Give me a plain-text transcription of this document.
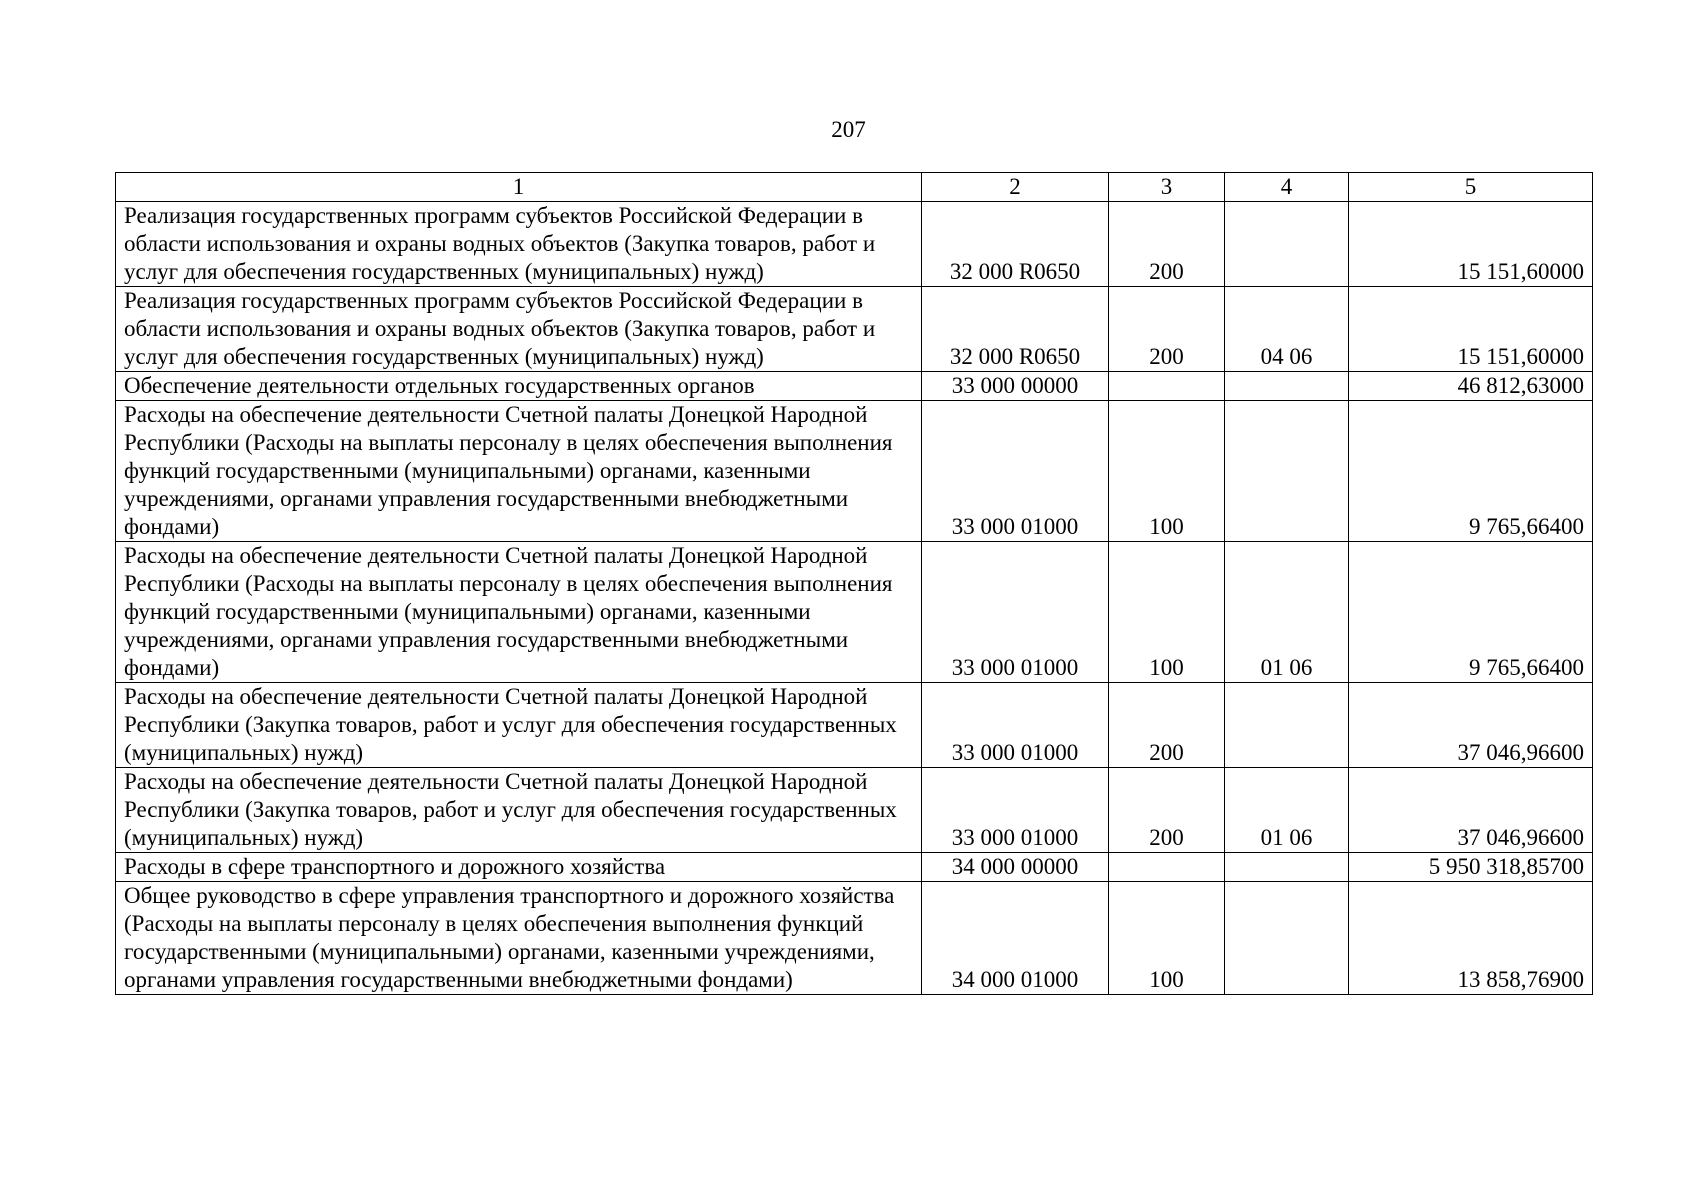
207
1	2	3	4	5
Реализация государственных программ субъектов Российской Федерации в области использования и охраны водных объектов (Закупка товаров, работ и услуг для обеспечения государственных (муниципальных) нужд)	32 000 R0650	200		15 151,60000
Реализация государственных программ субъектов Российской Федерации в области использования и охраны водных объектов (Закупка товаров, работ и услуг для обеспечения государственных (муниципальных) нужд)	32 000 R0650	200	04 06	15 151,60000
Обеспечение деятельности отдельных государственных органов	33 000 00000			46 812,63000
Расходы на обеспечение деятельности Счетной палаты Донецкой Народной Республики (Расходы на выплаты персоналу в целях обеспечения выполнения функций государственными (муниципальными) органами, казенными учреждениями, органами управления государственными внебюджетными фондами)	33 000 01000	100		9 765,66400
Расходы на обеспечение деятельности Счетной палаты Донецкой Народной Республики (Расходы на выплаты персоналу в целях обеспечения выполнения функций государственными (муниципальными) органами, казенными учреждениями, органами управления государственными внебюджетными фондами)	33 000 01000	100	01 06	9 765,66400
Расходы на обеспечение деятельности Счетной палаты Донецкой Народной Республики (Закупка товаров, работ и услуг для обеспечения государственных (муниципальных) нужд)	33 000 01000	200		37 046,96600
Расходы на обеспечение деятельности Счетной палаты Донецкой Народной Республики (Закупка товаров, работ и услуг для обеспечения государственных (муниципальных) нужд)	33 000 01000	200	01 06	37 046,96600
Расходы в сфере транспортного и дорожного хозяйства	34 000 00000			5 950 318,85700
Общее руководство в сфере управления транспортного и дорожного хозяйства (Расходы на выплаты персоналу в целях обеспечения выполнения функций государственными (муниципальными) органами, казенными учреждениями, органами управления государственными внебюджетными фондами)	34 000 01000	100		13 858,76900
